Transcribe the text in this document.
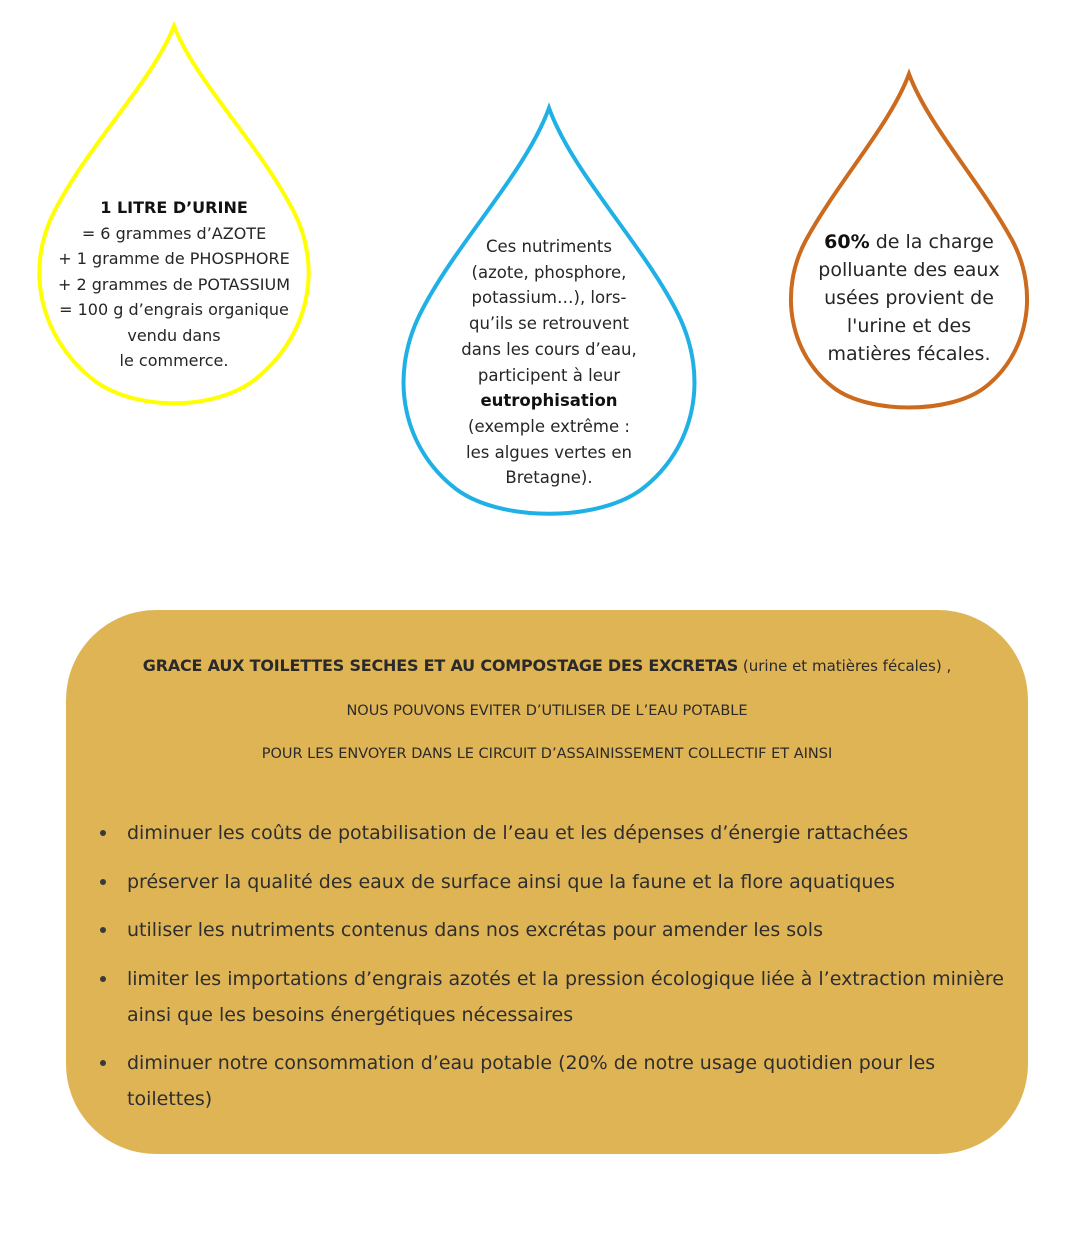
1 LITRE D’URINE
= 6 grammes d’AZOTE
+ 1 gramme de PHOSPHORE
+ 2 grammes de POTASSIUM
= 100 g d’engrais organique
vendu dans
le commerce.
Ces nutriments
(azote, phosphore,
potassium…), lors-
qu’ils se retrouvent
dans les cours d’eau,
participent à leur
eutrophisation
(exemple extrême :
les algues vertes en
Bretagne).
60% de la charge
polluante des eaux
usées provient de
l'urine et des
matières fécales.
GRACE AUX TOILETTES SECHES ET AU COMPOSTAGE DES EXCRETAS (urine et matières fécales) ,
NOUS POUVONS EVITER D’UTILISER DE L’EAU POTABLE
POUR LES ENVOYER DANS LE CIRCUIT D’ASSAINISSEMENT COLLECTIF ET AINSI
diminuer les coûts de potabilisation de l’eau et les dépenses d’énergie rattachées
préserver la qualité des eaux de surface ainsi que la faune et la flore aquatiques
utiliser les nutriments contenus dans nos excrétas pour amender les sols
limiter les importations d’engrais azotés et la pression écologique liée à l’extraction minière ainsi que les besoins énergétiques nécessaires
diminuer notre consommation d’eau potable (20% de notre usage quotidien pour les toilettes)
